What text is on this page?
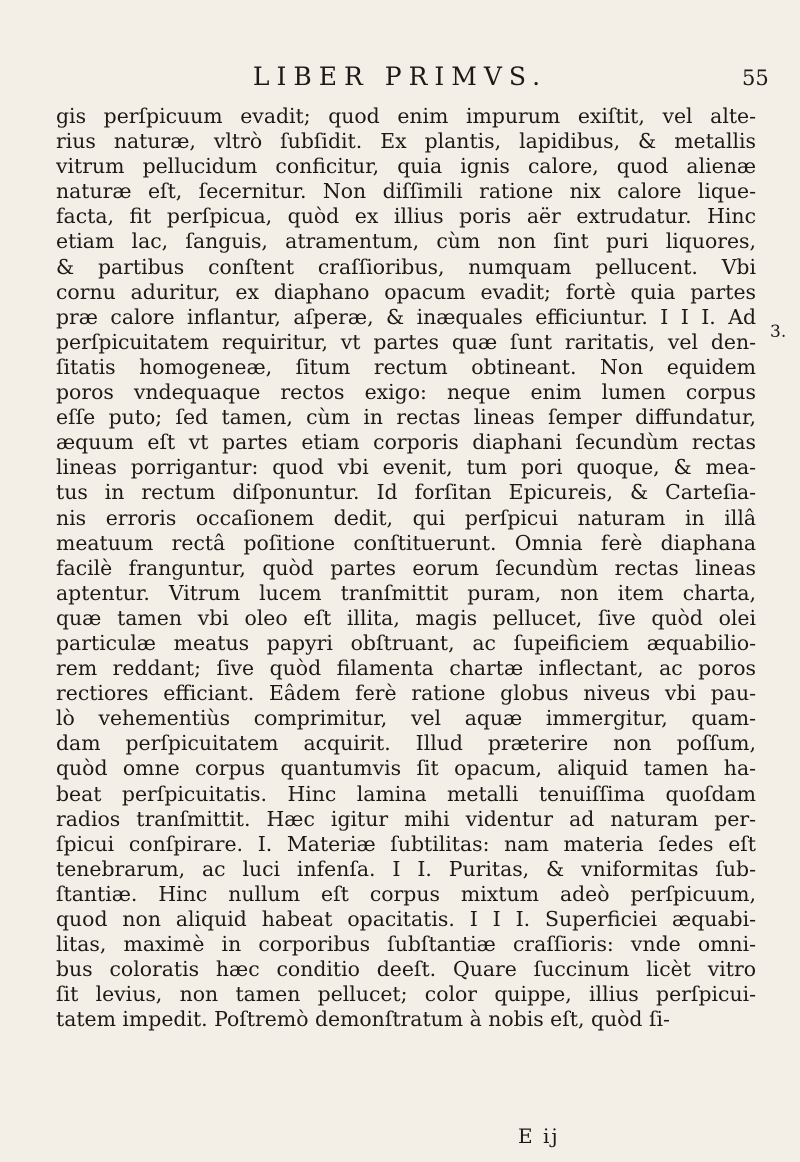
LIBER PRIMVS.	55
3.
gis perſpicuum evadit; quod enim impurum exiſtit, vel alte-
rius naturæ, vltrò ſubſidit. Ex plantis, lapidibus, & metallis
vitrum pellucidum conficitur, quia ignis calore, quod alienæ
naturæ eſt, ſecernitur. Non diſſimili ratione nix calore lique-
facta, fit perſpicua, quòd ex illius poris aër extrudatur. Hinc
etiam lac, ſanguis, atramentum, cùm non ſint puri liquores,
& partibus conſtent craſſioribus, numquam pellucent. Vbi
cornu aduritur, ex diaphano opacum evadit; fortè quia partes
præ calore inflantur, aſperæ, & inæquales efficiuntur. I I I. Ad
perſpicuitatem requiritur, vt partes quæ ſunt raritatis, vel den-
ſitatis homogeneæ, ſitum rectum obtineant. Non equidem
poros vndequaque rectos exigo: neque enim lumen corpus
eſſe puto; ſed tamen, cùm in rectas lineas ſemper diffundatur,
æquum eſt vt partes etiam corporis diaphani ſecundùm rectas
lineas porrigantur: quod vbi evenit, tum pori quoque, & mea-
tus in rectum diſponuntur. Id forſitan Epicureis, & Carteſia-
nis erroris occaſionem dedit, qui perſpicui naturam in illâ
meatuum rectâ poſitione conſtituerunt. Omnia ferè diaphana
facilè franguntur, quòd partes eorum ſecundùm rectas lineas
aptentur. Vitrum lucem tranſmittit puram, non item charta,
quæ tamen vbi oleo eſt illita, magis pellucet, ſive quòd olei
particulæ meatus papyri obſtruant, ac ſupeificiem æquabilio-
rem reddant; ſive quòd filamenta chartæ inflectant, ac poros
rectiores efficiant. Eâdem ferè ratione globus niveus vbi pau-
lò vehementiùs comprimitur, vel aquæ immergitur, quam-
dam perſpicuitatem acquirit. Illud præterire non poſſum,
quòd omne corpus quantumvis ſit opacum, aliquid tamen ha-
beat perſpicuitatis. Hinc lamina metalli tenuiſſima quoſdam
radios tranſmittit. Hæc igitur mihi videntur ad naturam per-
ſpicui conſpirare. I. Materiæ ſubtilitas: nam materia ſedes eſt
tenebrarum, ac luci infenſa. I I. Puritas, & vniformitas ſub-
ſtantiæ. Hinc nullum eſt corpus mixtum adeò perſpicuum,
quod non aliquid habeat opacitatis. I I I. Superficiei æquabi-
litas, maximè in corporibus ſubſtantiæ craſſioris: vnde omni-
bus coloratis hæc conditio deeſt. Quare ſuccinum licèt vitro
ſit levius, non tamen pellucet; color quippe, illius perſpicui-
tatem impedit. Poſtremò demonſtratum à nobis eſt, quòd ſi-
E ij
